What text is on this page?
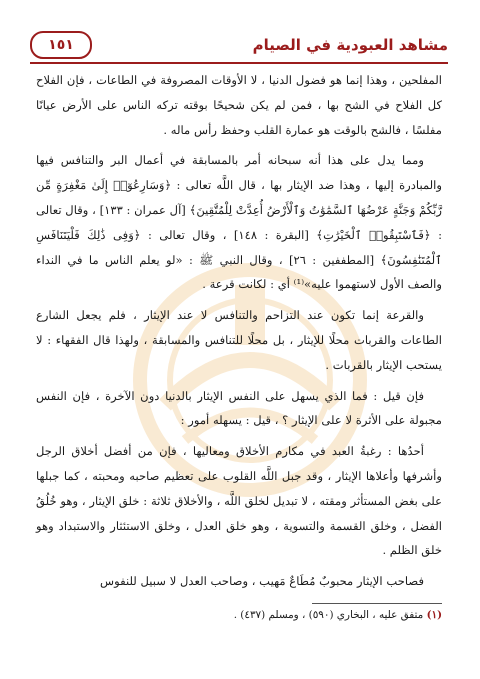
مشاهد العبودية في الصيام
١٥١

المفلحين ، وهذا إنما هو فضول الدنيا ، لا الأوقات المصروفة في الطاعات ، فإن الفلاح كل الفلاح في الشح بها ، فمن لم يكن شحيحًا بوقته تركه الناس على الأرض عيانًا مفلسًا ، فالشح بالوقت هو عمارة القلب وحفظ رأس ماله .

ومما يدل على هذا أنه سبحانه أمر بالمسابقة في أعمال البر والتنافس فيها والمبادرة إليها ، وهذا ضد الإيثار بها ، قال اللَّه تعالى : ﴿وَسَارِعُوٓا۟ إِلَىٰ مَغْفِرَةٍ مِّن رَّبِّكُمْ وَجَنَّةٍ عَرْضُهَا ٱلسَّمَٰوَٰتُ وَٱلْأَرْضُ أُعِدَّتْ لِلْمُتَّقِينَ﴾ [آل عمران : ١٣٣] ، وقال تعالى : ﴿فَٱسْتَبِقُوا۟ ٱلْخَيْرَٰتِ﴾ [البقرة : ١٤٨] ، وقال تعالى : ﴿وَفِى ذَٰلِكَ فَلْيَتَنَافَسِ ٱلْمُتَنَٰفِسُونَ﴾ [المطففين : ٢٦] ، وقال النبي ﷺ : «لو يعلم الناس ما في النداء والصف الأول لاستهموا عليه»⁽¹⁾ أي : لكانت قرعة .

والقرعة إنما تكون عند التزاحم والتنافس لا عند الإيثار ، فلم يجعل الشارع الطاعات والقربات محلًا للإيثار ، بل محلًا للتنافس والمسابقة ، ولهذا قال الفقهاء : لا يستحب الإيثار بالقربات .

فإن قيل : فما الذي يسهل على النفس الإيثار بالدنيا دون الآخرة ، فإن النفس مجبولة على الأثرة لا على الإيثار ؟ ، قيل : يسهله أمور :

أحدُها : رغبةُ العبد في مكارم الأخلاق ومعاليها ، فإن من أفضل أخلاق الرجل وأشرفها وأعلاها الإيثار ، وقد جبل اللَّه القلوب على تعظيم صاحبه ومحبته ، كما جبلها على بغض المستأثر ومقته ، لا تبديل لخلق اللَّه ، والأخلاق ثلاثة : خلق الإيثار ، وهو خُلُقُ الفضل ، وخلق القسمة والتسوية ، وهو خلق العدل ، وخلق الاستئثار والاستبداد وهو خلق الظلم .

فصاحب الإيثار محبوبٌ مُطَاعٌ مَهيب ، وصاحب العدل لا سبيل للنفوس

(١) متفق عليه ، البخاري (٥٩٠) ، ومسلم (٤٣٧) .
